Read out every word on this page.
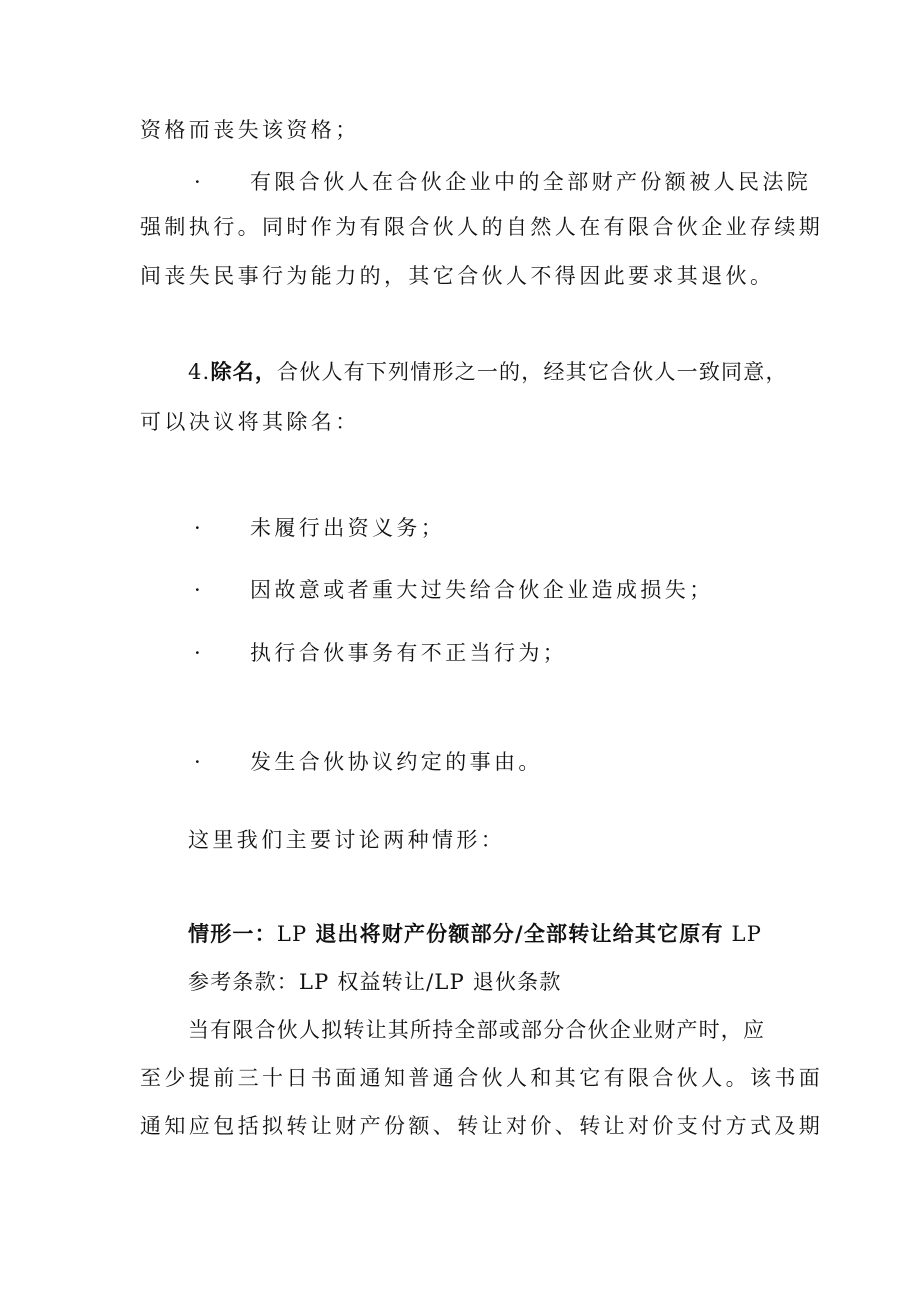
资格而丧失该资格；
· 有限合伙人在合伙企业中的全部财产份额被人民法院
强制执行。同时作为有限合伙人的自然人在有限合伙企业存续期
间丧失民事行为能力的，其它合伙人不得因此要求其退伙。
4.除名，合伙人有下列情形之一的，经其它合伙人一致同意，
可以决议将其除名：
· 未履行出资义务；
· 因故意或者重大过失给合伙企业造成损失；
· 执行合伙事务有不正当行为；
· 发生合伙协议约定的事由。
这里我们主要讨论两种情形：
情形一：LP 退出将财产份额部分/全部转让给其它原有 LP
参考条款：LP 权益转让/LP 退伙条款
当有限合伙人拟转让其所持全部或部分合伙企业财产时，应
至少提前三十日书面通知普通合伙人和其它有限合伙人。该书面
通知应包括拟转让财产份额、转让对价、转让对价支付方式及期
